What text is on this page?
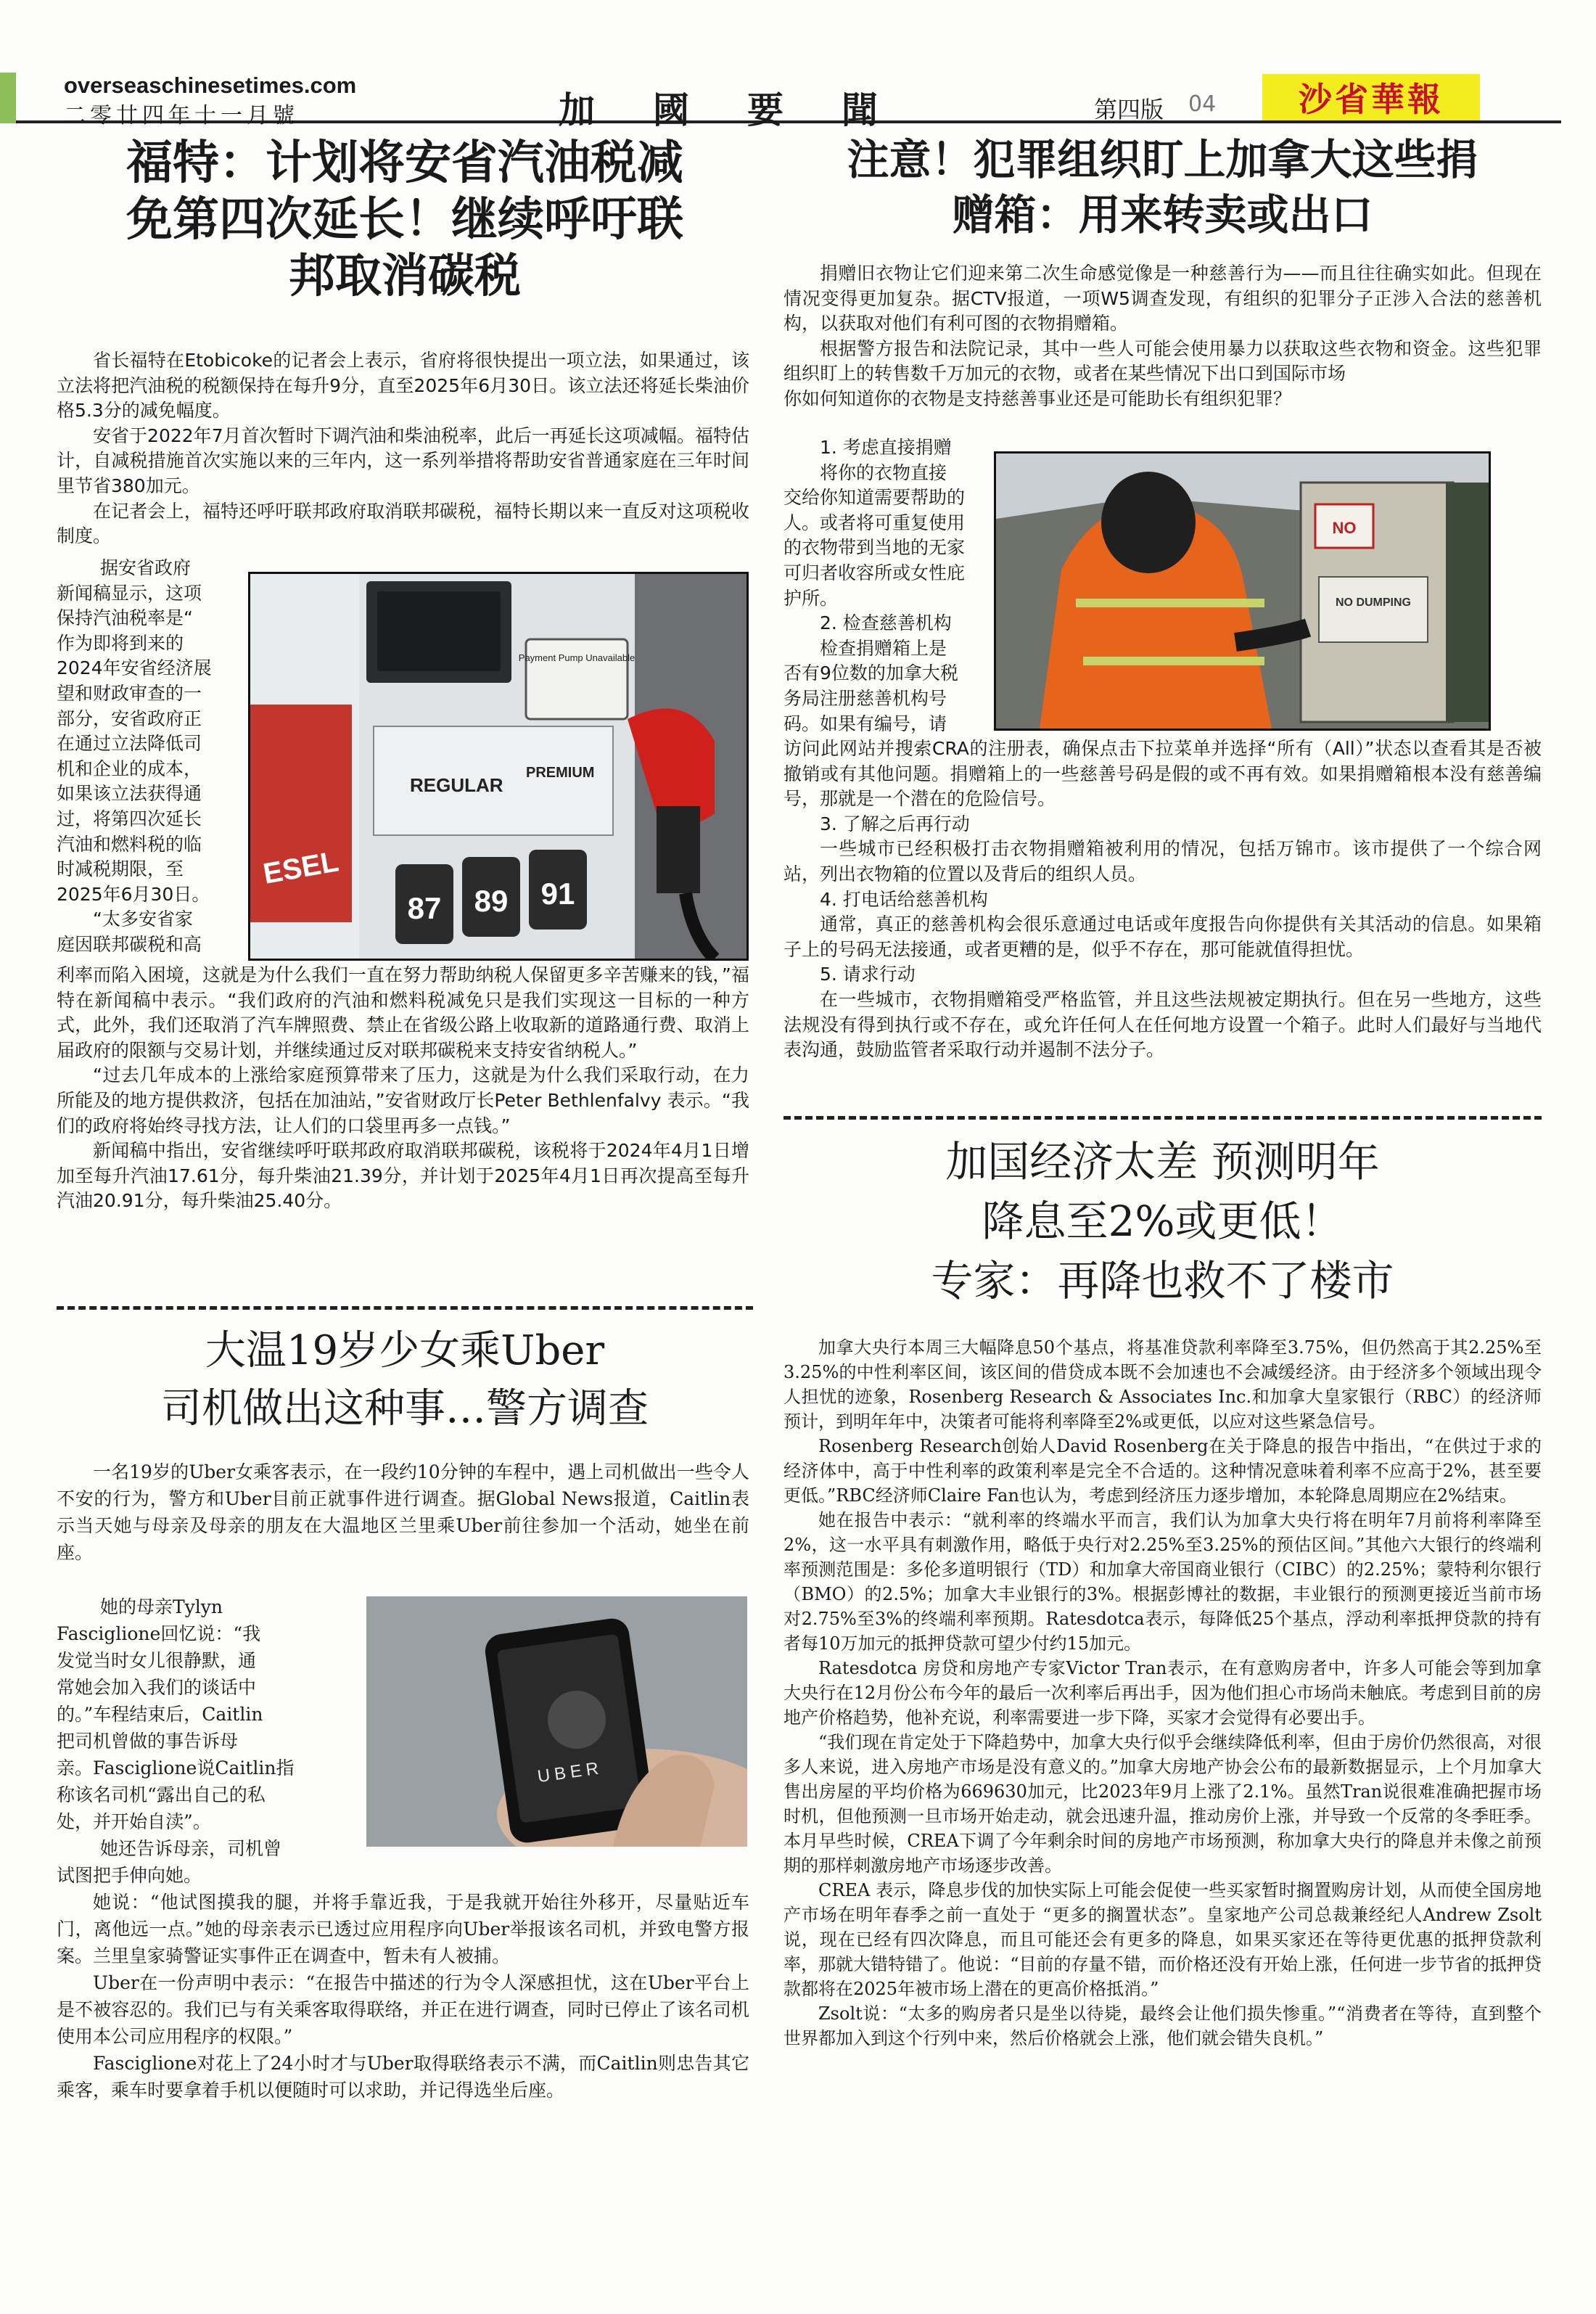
overseaschinesetimes.com
二零廿四年十一月號	加 國 要 聞	第四版 04	沙省華報
福特：计划将安省汽油税减
免第四次延长！继续呼吁联
邦取消碳税

省长福特在Etobicoke的记者会上表示，省府将很快提出一项立法，如果通过，该立法将把汽油税的税额保持在每升9分，直至2025年6月30日。该立法还将延长柴油价格5.3分的减免幅度。

安省于2022年7月首次暂时下调汽油和柴油税率，此后一再延长这项减幅。福特估计，自减税措施首次实施以来的三年内，这一系列举措将帮助安省普通家庭在三年时间里节省380加元。

在记者会上，福特还呼吁联邦政府取消联邦碳税，福特长期以来一直反对这项税收制度。

据安省政府
新闻稿显示，这项
保持汽油税率是“
作为即将到来的
2024年安省经济展
望和财政审查的一
部分，安省政府正
在通过立法降低司
机和企业的成本，
如果该立法获得通
过，将第四次延长
汽油和燃料税的临
时减税期限，至
2025年6月30日。
“太多安省家
庭因联邦碳税和高
Payment Pump Unavailable
REGULAR
PREMIUM
87 89 91
ESEL

利率而陷入困境，这就是为什么我们一直在努力帮助纳税人保留更多辛苦赚来的钱，”福特在新闻稿中表示。“我们政府的汽油和燃料税减免只是我们实现这一目标的一种方式，此外，我们还取消了汽车牌照费、禁止在省级公路上收取新的道路通行费、取消上届政府的限额与交易计划，并继续通过反对联邦碳税来支持安省纳税人。”

“过去几年成本的上涨给家庭预算带来了压力，这就是为什么我们采取行动，在力所能及的地方提供救济，包括在加油站，”安省财政厅长Peter Bethlenfalvy 表示。“我们的政府将始终寻找方法，让人们的口袋里再多一点钱。”

新闻稿中指出，安省继续呼吁联邦政府取消联邦碳税，该税将于2024年4月1日增加至每升汽油17.61分，每升柴油21.39分，并计划于2025年4月1日再次提高至每升汽油20.91分，每升柴油25.40分。

大温19岁少女乘Uber
司机做出这种事…警方调查

一名19岁的Uber女乘客表示，在一段约10分钟的车程中，遇上司机做出一些令人不安的行为，警方和Uber目前正就事件进行调查。据Global News报道，Caitlin表示当天她与母亲及母亲的朋友在大温地区兰里乘Uber前往参加一个活动，她坐在前座。

她的母亲Tylyn
Fasciglione回忆说：“我
发觉当时女儿很静默，通
常她会加入我们的谈话中
的。”车程结束后，Caitlin
把司机曾做的事告诉母
亲。Fasciglione说Caitlin指
称该名司机“露出自己的私
处，并开始自渎”。
她还告诉母亲，司机曾
试图把手伸向她。
UBER

她说：“他试图摸我的腿，并将手靠近我，于是我就开始往外移开，尽量贴近车门，离他远一点。”她的母亲表示已透过应用程序向Uber举报该名司机，并致电警方报案。兰里皇家骑警证实事件正在调查中，暂未有人被捕。

Uber在一份声明中表示：“在报告中描述的行为令人深感担忧，这在Uber平台上是不被容忍的。我们已与有关乘客取得联络，并正在进行调查，同时已停止了该名司机使用本公司应用程序的权限。”

Fasciglione对花上了24小时才与Uber取得联络表示不满，而Caitlin则忠告其它乘客，乘车时要拿着手机以便随时可以求助，并记得选坐后座。

注意！犯罪组织盯上加拿大这些捐
赠箱：用来转卖或出口

捐赠旧衣物让它们迎来第二次生命感觉像是一种慈善行为——而且往往确实如此。但现在情况变得更加复杂。据CTV报道，一项W5调查发现，有组织的犯罪分子正涉入合法的慈善机构，以获取对他们有利可图的衣物捐赠箱。

根据警方报告和法院记录，其中一些人可能会使用暴力以获取这些衣物和资金。这些犯罪组织盯上的转售数千万加元的衣物，或者在某些情况下出口到国际市场

你如何知道你的衣物是支持慈善事业还是可能助长有组织犯罪？

1. 考虑直接捐赠
将你的衣物直接
交给你知道需要帮助的
人。或者将可重复使用
的衣物带到当地的无家
可归者收容所或女性庇
护所。
2. 检查慈善机构
检查捐赠箱上是
否有9位数的加拿大税
务局注册慈善机构号
码。如果有编号，请
NO
NO DUMPING

访问此网站并搜索CRA的注册表，确保点击下拉菜单并选择“所有（All）”状态以查看其是否被撤销或有其他问题。捐赠箱上的一些慈善号码是假的或不再有效。如果捐赠箱根本没有慈善编号，那就是一个潜在的危险信号。

3. 了解之后再行动

一些城市已经积极打击衣物捐赠箱被利用的情况，包括万锦市。该市提供了一个综合网站，列出衣物箱的位置以及背后的组织人员。

4. 打电话给慈善机构

通常，真正的慈善机构会很乐意通过电话或年度报告向你提供有关其活动的信息。如果箱子上的号码无法接通，或者更糟的是，似乎不存在，那可能就值得担忧。

5. 请求行动

在一些城市，衣物捐赠箱受严格监管，并且这些法规被定期执行。但在另一些地方，这些法规没有得到执行或不存在，或允许任何人在任何地方设置一个箱子。此时人们最好与当地代表沟通，鼓励监管者采取行动并遏制不法分子。

加国经济太差 预测明年
降息至2%或更低！
专家：再降也救不了楼市

加拿大央行本周三大幅降息50个基点，将基准贷款利率降至3.75%，但仍然高于其2.25%至3.25%的中性利率区间，该区间的借贷成本既不会加速也不会减缓经济。由于经济多个领域出现令人担忧的迹象，Rosenberg Research & Associates Inc.和加拿大皇家银行（RBC）的经济师预计，到明年年中，决策者可能将利率降至2%或更低，以应对这些紧急信号。

Rosenberg Research创始人David Rosenberg在关于降息的报告中指出，“在供过于求的经济体中，高于中性利率的政策利率是完全不合适的。这种情况意味着利率不应高于2%，甚至要更低。”RBC经济师Claire Fan也认为，考虑到经济压力逐步增加，本轮降息周期应在2%结束。

她在报告中表示：“就利率的终端水平而言，我们认为加拿大央行将在明年7月前将利率降至2%，这一水平具有刺激作用，略低于央行对2.25%至3.25%的预估区间。”其他六大银行的终端利率预测范围是：多伦多道明银行（TD）和加拿大帝国商业银行（CIBC）的2.25%；蒙特利尔银行（BMO）的2.5%；加拿大丰业银行的3%。根据彭博社的数据，丰业银行的预测更接近当前市场对2.75%至3%的终端利率预期。Ratesdotca表示，每降低25个基点，浮动利率抵押贷款的持有者每10万加元的抵押贷款可望少付约15加元。

Ratesdotca 房贷和房地产专家Victor Tran表示，在有意购房者中，许多人可能会等到加拿大央行在12月份公布今年的最后一次利率后再出手，因为他们担心市场尚未触底。考虑到目前的房地产价格趋势，他补充说，利率需要进一步下降，买家才会觉得有必要出手。

“我们现在肯定处于下降趋势中，加拿大央行似乎会继续降低利率，但由于房价仍然很高，对很多人来说，进入房地产市场是没有意义的。”加拿大房地产协会公布的最新数据显示，上个月加拿大售出房屋的平均价格为669630加元，比2023年9月上涨了2.1%。虽然Tran说很难准确把握市场时机，但他预测一旦市场开始走动，就会迅速升温，推动房价上涨，并导致一个反常的冬季旺季。本月早些时候，CREA下调了今年剩余时间的房地产市场预测，称加拿大央行的降息并未像之前预期的那样刺激房地产市场逐步改善。

CREA 表示，降息步伐的加快实际上可能会促使一些买家暂时搁置购房计划，从而使全国房地产市场在明年春季之前一直处于 “更多的搁置状态”。皇家地产公司总裁兼经纪人Andrew Zsolt说，现在已经有四次降息，而且可能还会有更多的降息，如果买家还在等待更优惠的抵押贷款利率，那就大错特错了。他说：“目前的存量不错，而价格还没有开始上涨，任何进一步节省的抵押贷款都将在2025年被市场上潜在的更高价格抵消。”

Zsolt说：“太多的购房者只是坐以待毙，最终会让他们损失惨重。”“消费者在等待，直到整个世界都加入到这个行列中来，然后价格就会上涨，他们就会错失良机。”
